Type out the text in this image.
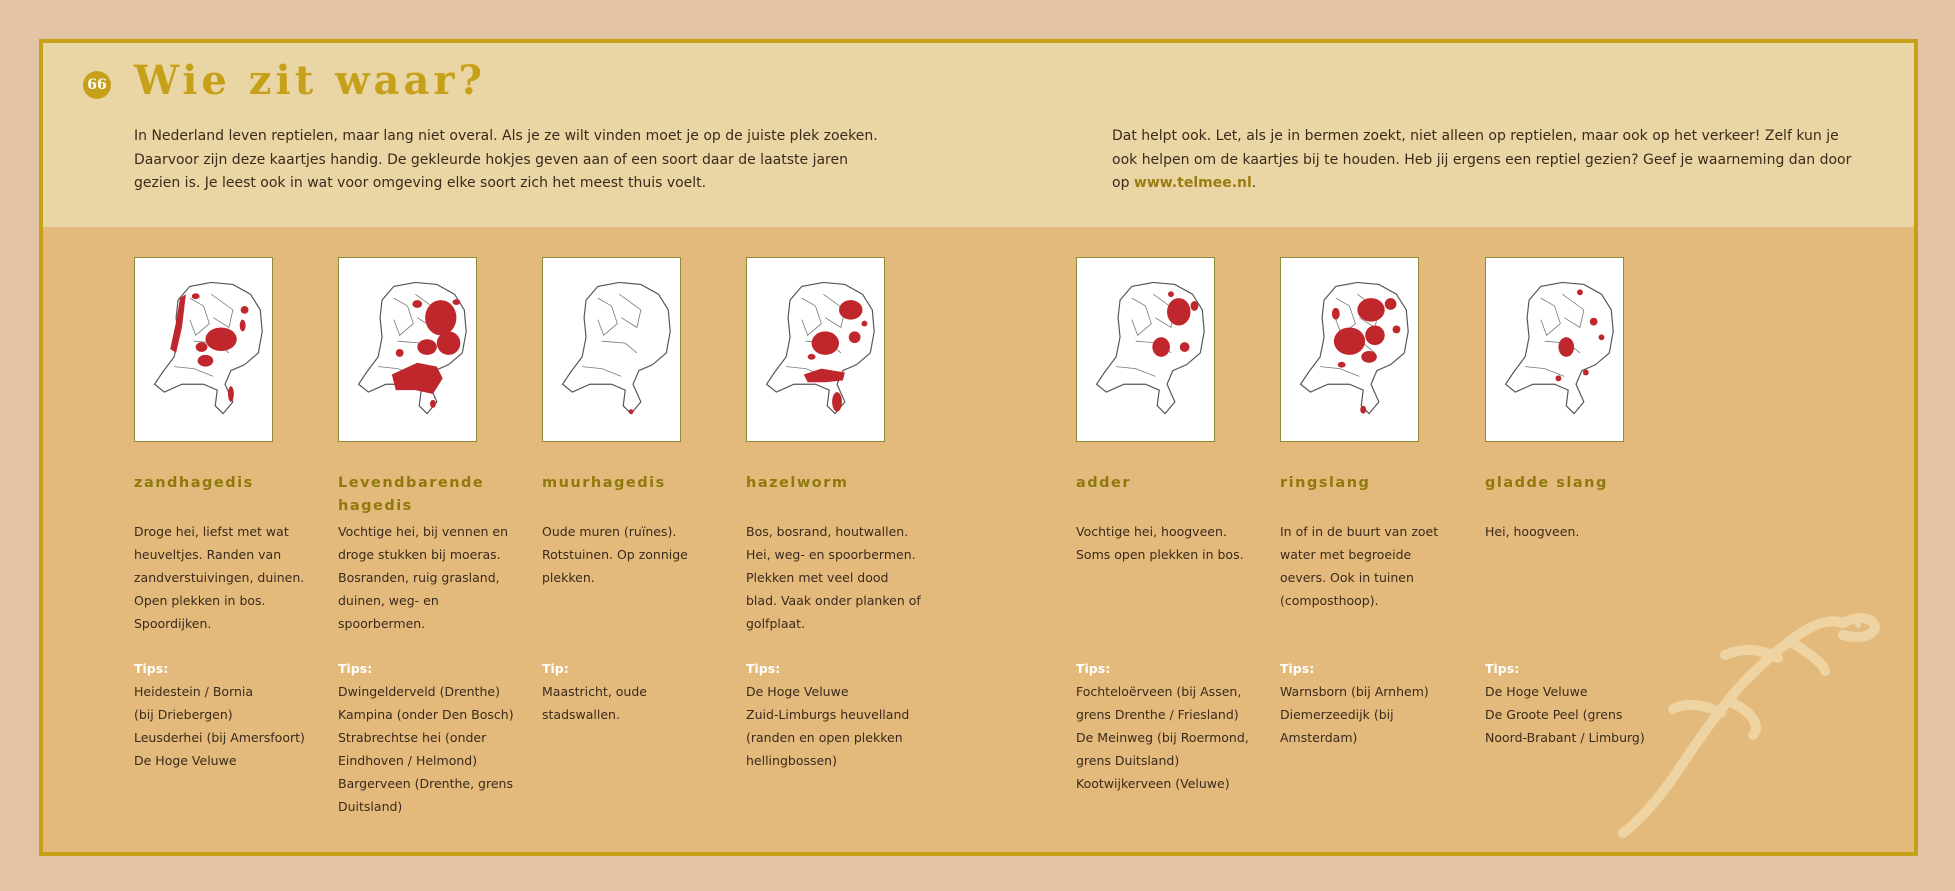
66 Wie zit waar?

In Nederland leven reptielen, maar lang niet overal. Als je ze wilt vinden moet je op de juiste plek zoeken. Daarvoor zijn deze kaartjes handig. De gekleurde hokjes geven aan of een soort daar de laatste jaren gezien is. Je leest ook in wat voor omgeving elke soort zich het meest thuis voelt.

Dat helpt ook. Let, als je in bermen zoekt, niet alleen op reptielen, maar ook op het verkeer! Zelf kun je ook helpen om de kaartjes bij te houden. Heb jij ergens een reptiel gezien? Geef je waarneming dan door op www.telmee.nl.

zandhagedis
Droge hei, liefst met wat heuveltjes. Randen van zandverstuivingen, duinen. Open plekken in bos. Spoordijken.
Tips:
Heidestein / Bornia
(bij Driebergen)
Leusderhei (bij Amersfoort)
De Hoge Veluwe
Levendbarende hagedis
Vochtige hei, bij vennen en droge stukken bij moeras. Bosranden, ruig grasland, duinen, weg- en spoorbermen.
Tips:
Dwingelderveld (Drenthe)
Kampina (onder Den Bosch)
Strabrechtse hei (onder
Eindhoven / Helmond)
Bargerveen (Drenthe, grens
Duitsland)
muurhagedis
Oude muren (ruïnes). Rotstuinen. Op zonnige plekken.
Tip:
Maastricht, oude
stadswallen.
hazelworm
Bos, bosrand, houtwallen. Hei, weg- en spoorbermen. Plekken met veel dood blad. Vaak onder planken of golfplaat.
Tips:
De Hoge Veluwe
Zuid-Limburgs heuvelland
(randen en open plekken
hellingbossen)
adder
Vochtige hei, hoogveen. Soms open plekken in bos.
Tips:
Fochteloërveen (bij Assen,
grens Drenthe / Friesland)
De Meinweg (bij Roermond,
grens Duitsland)
Kootwijkerveen (Veluwe)
ringslang
In of in de buurt van zoet water met begroeide oevers. Ook in tuinen (composthoop).
Tips:
Warnsborn (bij Arnhem)
Diemerzeedijk (bij
Amsterdam)
gladde slang
Hei, hoogveen.
Tips:
De Hoge Veluwe
De Groote Peel (grens
Noord-Brabant / Limburg)
